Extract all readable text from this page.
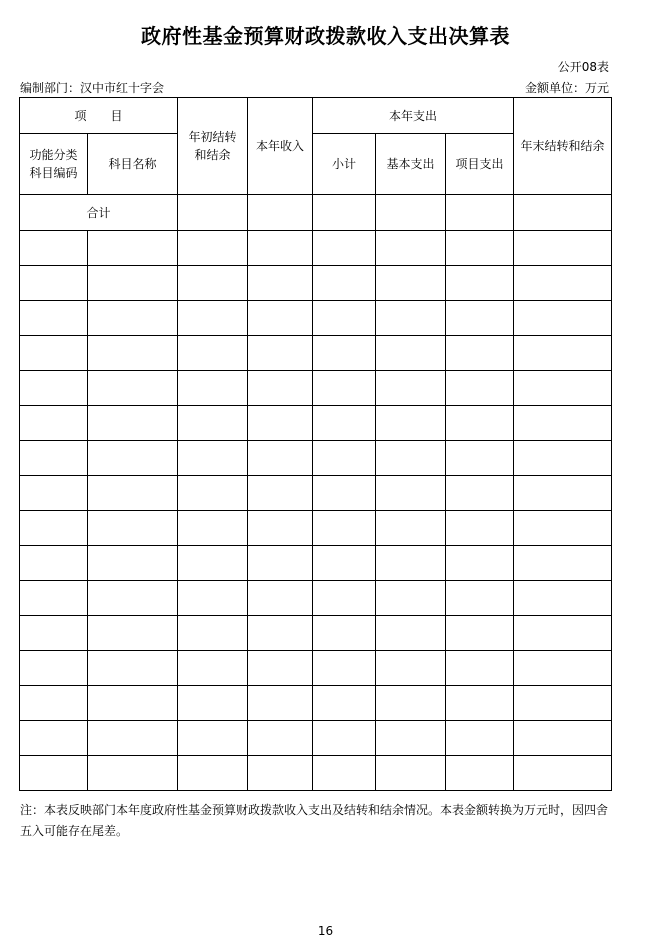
政府性基金预算财政拨款收入支出决算表
公开08表
编制部门：汉中市红十字会	金额单位：万元
项　　目		年初结转和结余	本年收入	本年支出			年末结转和结余
功能分类科目编码	科目名称			小计	基本支出	项目支出	
合计							

注：本表反映部门本年度政府性基金预算财政拨款收入支出及结转和结余情况。本表金额转换为万元时，因四舍五入可能存在尾差。
16
